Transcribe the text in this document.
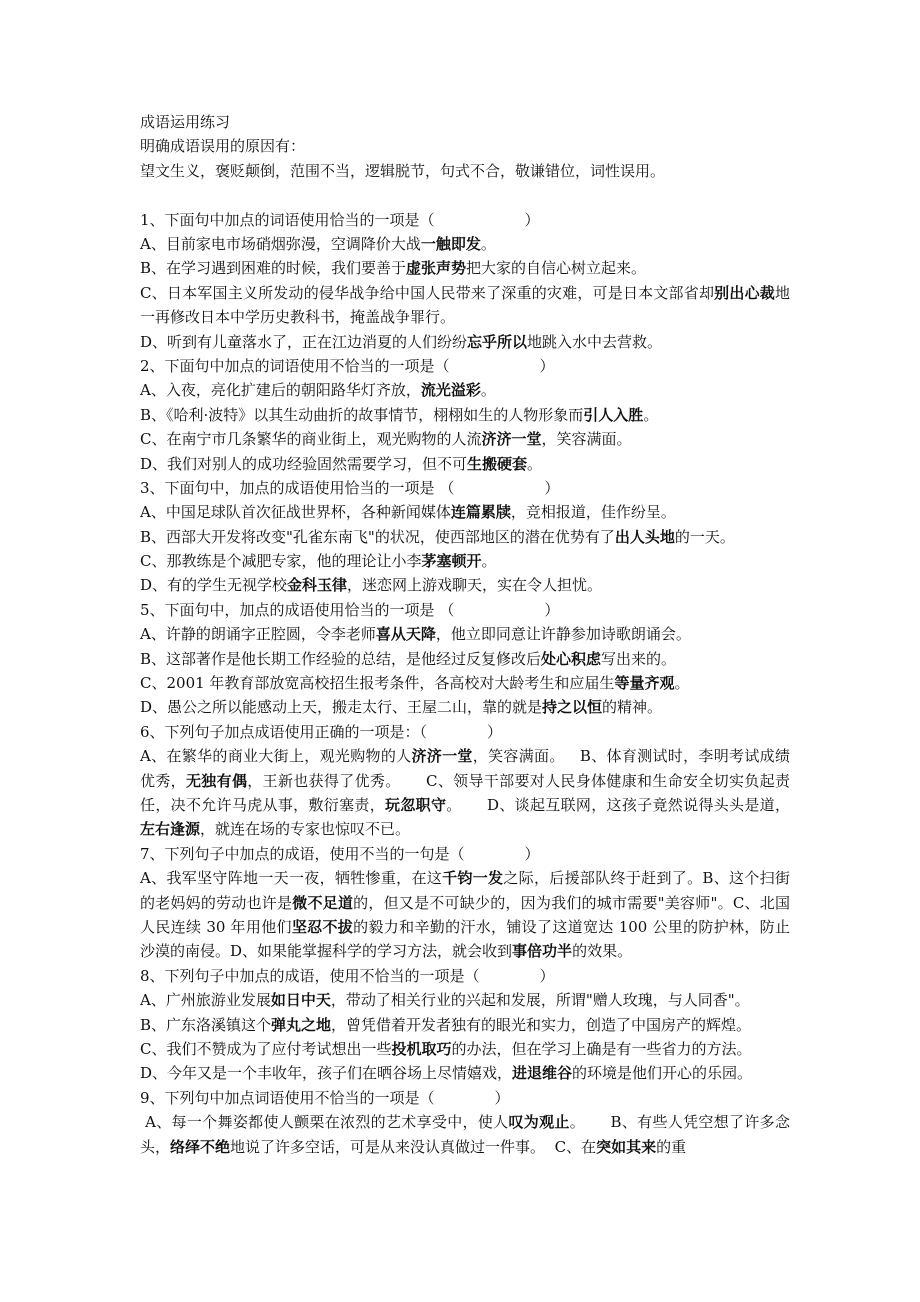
成语运用练习
明确成语误用的原因有：
望文生义，褒贬颠倒，范围不当，逻辑脱节，句式不合，敬谦错位，词性误用。
1、下面句中加点的词语使用恰当的一项是（	）
A、目前家电市场硝烟弥漫，空调降价大战一触即发。
B、在学习遇到困难的时候，我们要善于虚张声势把大家的自信心树立起来。
C、日本军国主义所发动的侵华战争给中国人民带来了深重的灾难，可是日本文部省却别出心裁地一再修改日本中学历史教科书，掩盖战争罪行。
D、听到有儿童落水了，正在江边消夏的人们纷纷忘乎所以地跳入水中去营救。
2、下面句中加点的词语使用不恰当的一项是（	）
A、入夜，亮化扩建后的朝阳路华灯齐放，流光溢彩。
B、《哈利·波特》以其生动曲折的故事情节，栩栩如生的人物形象而引人入胜。
C、在南宁市几条繁华的商业街上，观光购物的人流济济一堂，笑容满面。
D、我们对别人的成功经验固然需要学习，但不可生搬硬套。
3、下面句中，加点的成语使用恰当的一项是 （	）
A、中国足球队首次征战世界杯，各种新闻媒体连篇累牍，竞相报道，佳作纷呈。
B、西部大开发将改变"孔雀东南飞"的状况，使西部地区的潜在优势有了出人头地的一天。
C、那教练是个减肥专家，他的理论让小李茅塞顿开。
D、有的学生无视学校金科玉律，迷恋网上游戏聊天，实在令人担忧。
5、下面句中，加点的成语使用恰当的一项是 （	）
A、许静的朗诵字正腔圆，令李老师喜从天降，他立即同意让许静参加诗歌朗诵会。
B、这部著作是他长期工作经验的总结，是他经过反复修改后处心积虑写出来的。
C、2001 年教育部放宽高校招生报考条件，各高校对大龄考生和应届生等量齐观。
D、愚公之所以能感动上天，搬走太行、王屋二山，靠的就是持之以恒的精神。
6、下列句子加点成语使用正确的一项是：（	）
A、在繁华的商业大街上，观光购物的人济济一堂，笑容满面。 B、体育测试时，李明考试成绩优秀，无独有偶，王新也获得了优秀。 C、领导干部要对人民身体健康和生命安全切实负起责任，决不允许马虎从事，敷衍塞责，玩忽职守。 D、谈起互联网，这孩子竟然说得头头是道，左右逢源，就连在场的专家也惊叹不已。
7、下列句子中加点的成语，使用不当的一句是（	）
A、我军坚守阵地一天一夜，牺牲惨重，在这千钧一发之际，后援部队终于赶到了。B、这个扫街的老妈妈的劳动也许是微不足道的，但又是不可缺少的，因为我们的城市需要"美容师"。C、北国人民连续 30 年用他们坚忍不拔的毅力和辛勤的汗水，铺设了这道宽达 100 公里的防护林，防止沙漠的南侵。D、如果能掌握科学的学习方法，就会收到事倍功半的效果。
8、下列句子中加点的成语，使用不恰当的一项是（	）
A、广州旅游业发展如日中天，带动了相关行业的兴起和发展，所谓"赠人玫瑰，与人同香"。
B、广东洛溪镇这个弹丸之地，曾凭借着开发者独有的眼光和实力，创造了中国房产的辉煌。
C、我们不赞成为了应付考试想出一些投机取巧的办法，但在学习上确是有一些省力的方法。
D、今年又是一个丰收年，孩子们在晒谷场上尽情嬉戏，进退维谷的环境是他们开心的乐园。
9、下列句中加点词语使用不恰当的一项是（	）
A、每一个舞姿都使人颤栗在浓烈的艺术享受中，使人叹为观止。 B、有些人凭空想了许多念头，络绎不绝地说了许多空话，可是从来没认真做过一件事。 C、在突如其来的重
